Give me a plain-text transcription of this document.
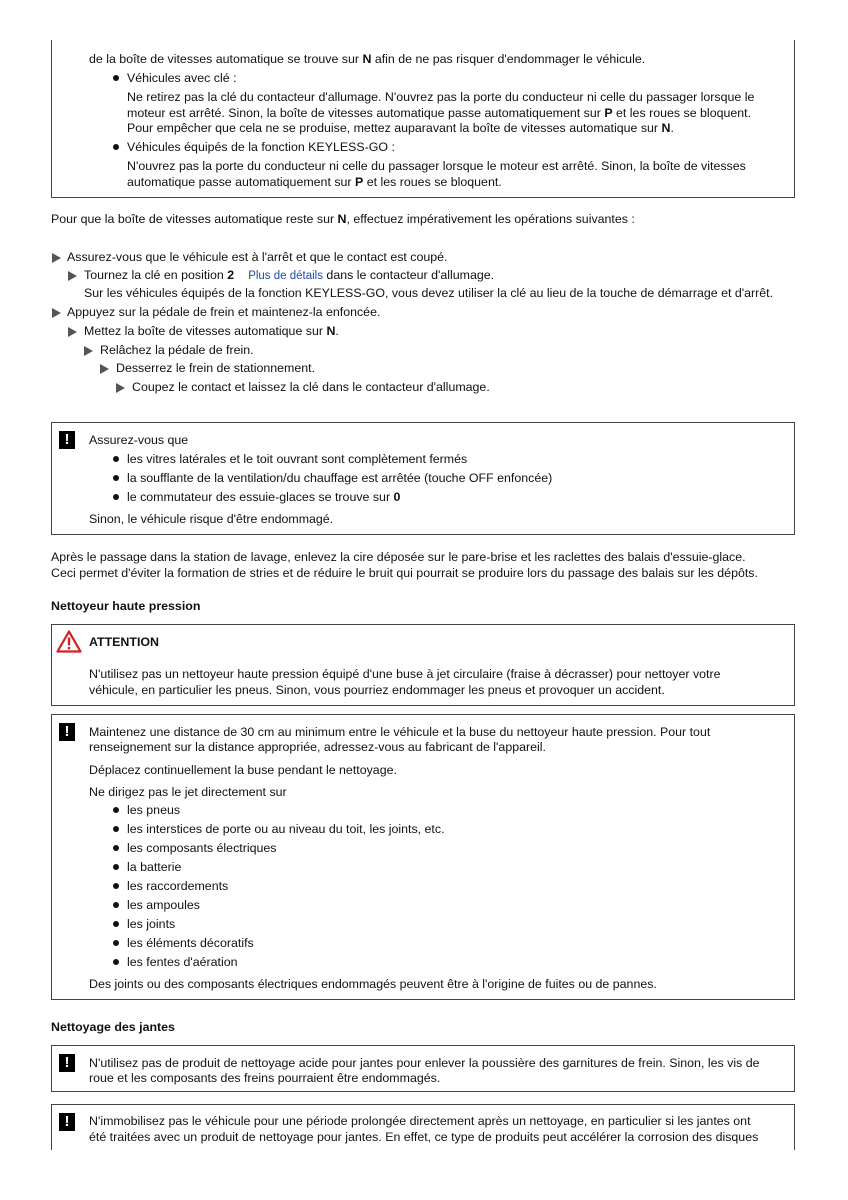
de la boîte de vitesses automatique se trouve sur N afin de ne pas risquer d'endommager le véhicule.
Véhicules avec clé :
Ne retirez pas la clé du contacteur d'allumage. N'ouvrez pas la porte du conducteur ni celle du passager lorsque le
moteur est arrêté. Sinon, la boîte de vitesses automatique passe automatiquement sur P et les roues se bloquent.
Pour empêcher que cela ne se produise, mettez auparavant la boîte de vitesses automatique sur N.
Véhicules équipés de la fonction KEYLESS-GO :
N'ouvrez pas la porte du conducteur ni celle du passager lorsque le moteur est arrêté. Sinon, la boîte de vitesses
automatique passe automatiquement sur P et les roues se bloquent.
Pour que la boîte de vitesses automatique reste sur N, effectuez impérativement les opérations suivantes :
Assurez-vous que le véhicule est à l'arrêt et que le contact est coupé.
Tournez la clé en position 2 Plus de détails dans le contacteur d'allumage.
Sur les véhicules équipés de la fonction KEYLESS-GO, vous devez utiliser la clé au lieu de la touche de démarrage et d'arrêt.
Appuyez sur la pédale de frein et maintenez-la enfoncée.
Mettez la boîte de vitesses automatique sur N.
Relâchez la pédale de frein.
Desserrez le frein de stationnement.
Coupez le contact et laissez la clé dans le contacteur d'allumage.
!	Assurez-vous que
les vitres latérales et le toit ouvrant sont complètement fermés
la soufflante de la ventilation/du chauffage est arrêtée (touche OFF enfoncée)
le commutateur des essuie-glaces se trouve sur 0
Sinon, le véhicule risque d'être endommagé.
Après le passage dans la station de lavage, enlevez la cire déposée sur le pare-brise et les raclettes des balais d'essuie-glace.
Ceci permet d'éviter la formation de stries et de réduire le bruit qui pourrait se produire lors du passage des balais sur les dépôts.
Nettoyeur haute pression
ATTENTION
N'utilisez pas un nettoyeur haute pression équipé d'une buse à jet circulaire (fraise à décrasser) pour nettoyer votre
véhicule, en particulier les pneus. Sinon, vous pourriez endommager les pneus et provoquer un accident.
!	Maintenez une distance de 30 cm au minimum entre le véhicule et la buse du nettoyeur haute pression. Pour tout
renseignement sur la distance appropriée, adressez-vous au fabricant de l'appareil.
Déplacez continuellement la buse pendant le nettoyage.
Ne dirigez pas le jet directement sur
les pneus
les interstices de porte ou au niveau du toit, les joints, etc.
les composants électriques
la batterie
les raccordements
les ampoules
les joints
les éléments décoratifs
les fentes d'aération
Des joints ou des composants électriques endommagés peuvent être à l'origine de fuites ou de pannes.
Nettoyage des jantes
!	N'utilisez pas de produit de nettoyage acide pour jantes pour enlever la poussière des garnitures de frein. Sinon, les vis de
roue et les composants des freins pourraient être endommagés.
!	N'immobilisez pas le véhicule pour une période prolongée directement après un nettoyage, en particulier si les jantes ont
été traitées avec un produit de nettoyage pour jantes. En effet, ce type de produits peut accélérer la corrosion des disques
